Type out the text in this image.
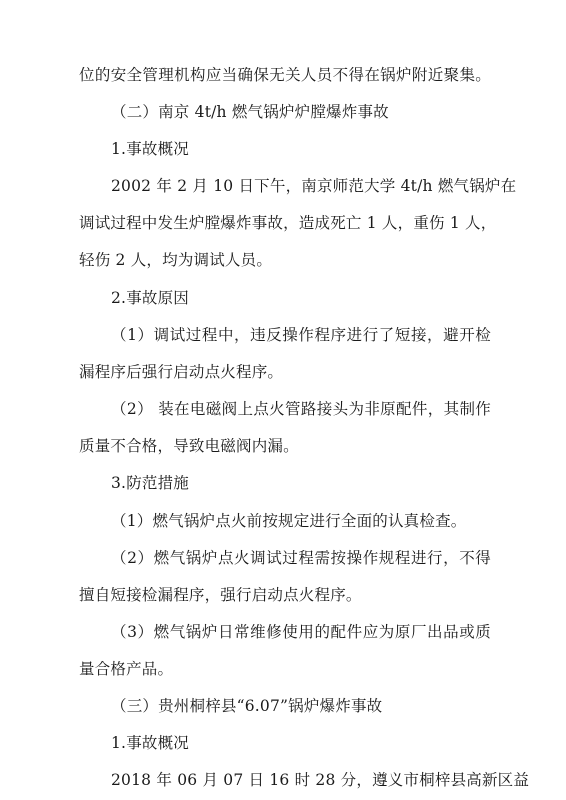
位的安全管理机构应当确保无关人员不得在锅炉附近聚集。
（二）南京 4t/h 燃气锅炉炉膛爆炸事故
1.事故概况
2002 年 2 月 10 日下午，南京师范大学 4t/h 燃气锅炉在
调试过程中发生炉膛爆炸事故，造成死亡 1 人，重伤 1 人，
轻伤 2 人，均为调试人员。
2.事故原因
（1）调试过程中，违反操作程序进行了短接，避开检
漏程序后强行启动点火程序。
（2） 装在电磁阀上点火管路接头为非原配件，其制作
质量不合格，导致电磁阀内漏。
3.防范措施
（1）燃气锅炉点火前按规定进行全面的认真检查。
（2）燃气锅炉点火调试过程需按操作规程进行，不得
擅自短接检漏程序，强行启动点火程序。
（3）燃气锅炉日常维修使用的配件应为原厂出品或质
量合格产品。
（三）贵州桐梓县“6.07”锅炉爆炸事故
1.事故概况
2018 年 06 月 07 日 16 时 28 分，遵义市桐梓县高新区益
